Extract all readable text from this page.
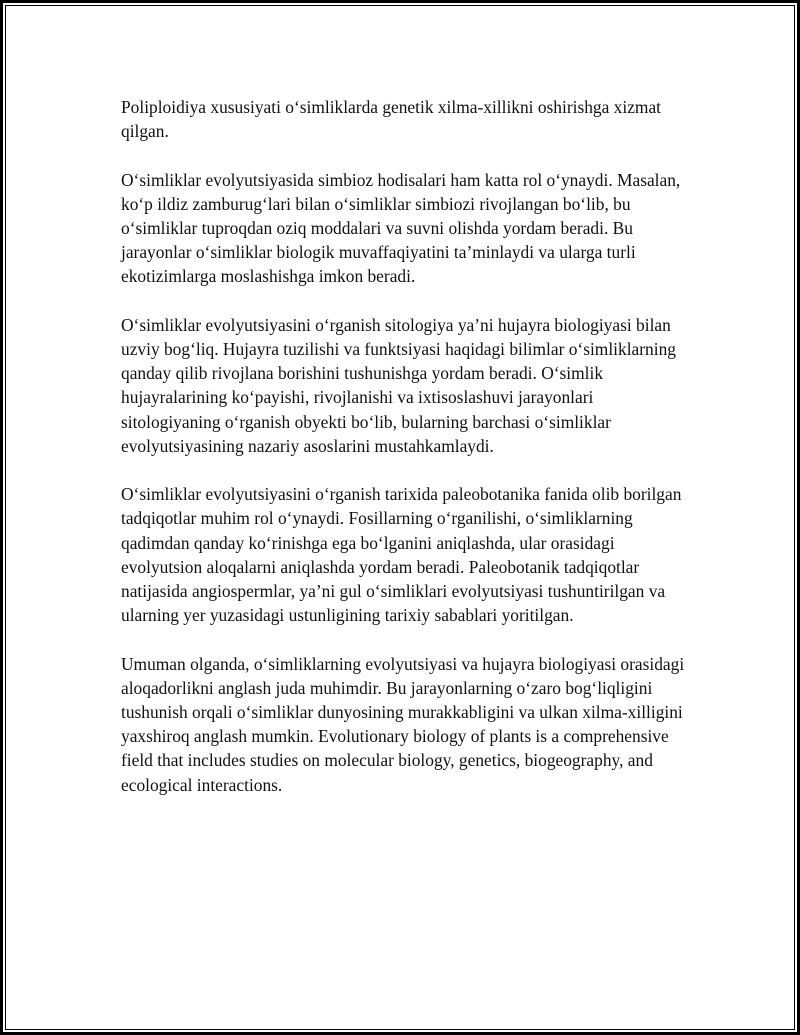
Poliploidiya xususiyati o‘simliklarda genetik xilma-xillikni oshirishga xizmat qilgan.

O‘simliklar evolyutsiyasida simbioz hodisalari ham katta rol o‘ynaydi. Masalan, ko‘p ildiz zamburug‘lari bilan o‘simliklar simbiozi rivojlangan bo‘lib, bu o‘simliklar tuproqdan oziq moddalari va suvni olishda yordam beradi. Bu jarayonlar o‘simliklar biologik muvaffaqiyatini ta’minlaydi va ularga turli ekotizimlarga moslashishga imkon beradi.

O‘simliklar evolyutsiyasini o‘rganish sitologiya ya’ni hujayra biologiyasi bilan uzviy bog‘liq. Hujayra tuzilishi va funktsiyasi haqidagi bilimlar o‘simliklarning qanday qilib rivojlana borishini tushunishga yordam beradi. O‘simlik hujayralarining ko‘payishi, rivojlanishi va ixtisoslashuvi jarayonlari sitologiyaning o‘rganish obyekti bo‘lib, bularning barchasi o‘simliklar evolyutsiyasining nazariy asoslarini mustahkamlaydi.

O‘simliklar evolyutsiyasini o‘rganish tarixida paleobotanika fanida olib borilgan tadqiqotlar muhim rol o‘ynaydi. Fosillarning o‘rganilishi, o‘simliklarning qadimdan qanday ko‘rinishga ega bo‘lganini aniqlashda, ular orasidagi evolyutsion aloqalarni aniqlashda yordam beradi. Paleobotanik tadqiqotlar natijasida angiospermlar, ya’ni gul o‘simliklari evolyutsiyasi tushuntirilgan va ularning yer yuzasidagi ustunligining tarixiy sabablari yoritilgan.

Umuman olganda, o‘simliklarning evolyutsiyasi va hujayra biologiyasi orasidagi aloqadorlikni anglash juda muhimdir. Bu jarayonlarning o‘zaro bog‘liqligini tushunish orqali o‘simliklar dunyosining murakkabligini va ulkan xilma-xilligini yaxshiroq anglash mumkin. Evolutionary biology of plants is a comprehensive field that includes studies on molecular biology, genetics, biogeography, and ecological interactions.
